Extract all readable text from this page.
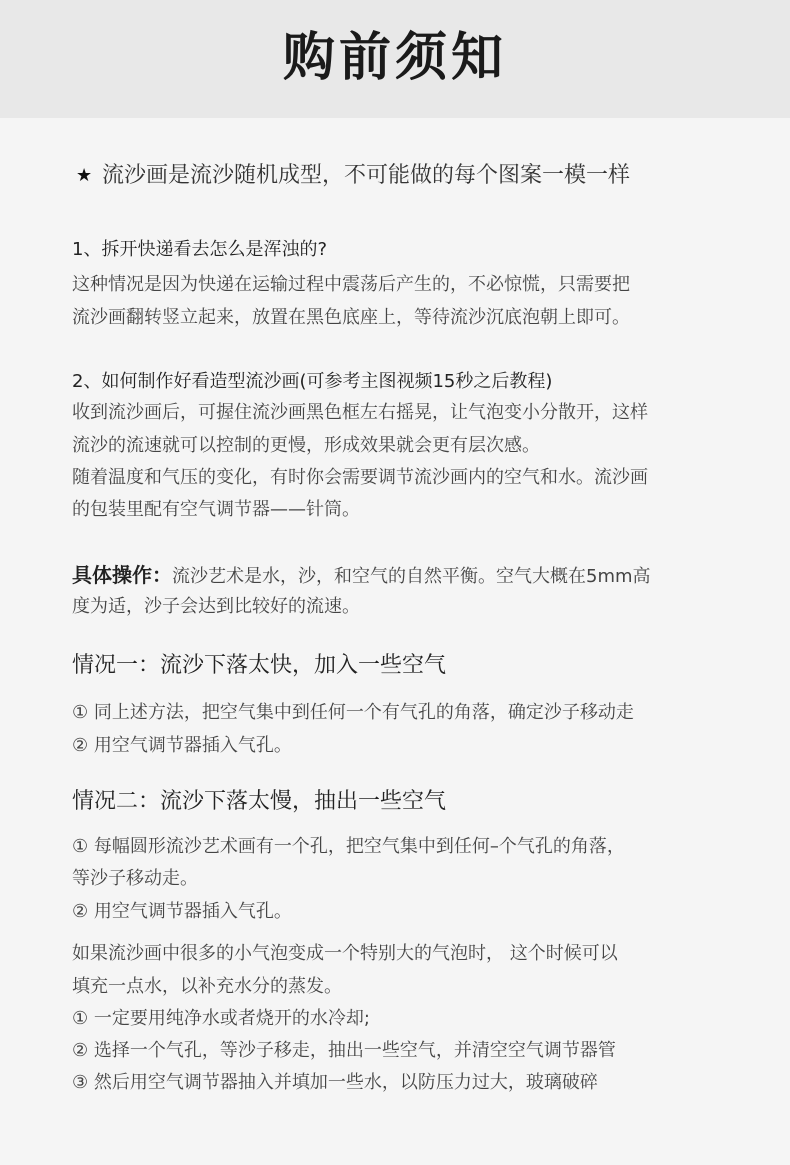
购前须知
★ 流沙画是流沙随机成型，不可能做的每个图案一模一样
1、拆开快递看去怎么是浑浊的?
这种情况是因为快递在运输过程中震荡后产生的，不必惊慌，只需要把
流沙画翻转竖立起来，放置在黑色底座上，等待流沙沉底泡朝上即可。
2、如何制作好看造型流沙画(可参考主图视频15秒之后教程)
收到流沙画后，可握住流沙画黑色框左右摇晃，让气泡变小分散开，这样
流沙的流速就可以控制的更慢，形成效果就会更有层次感。
随着温度和气压的变化，有时你会需要调节流沙画内的空气和水。流沙画
的包装里配有空气调节器——针筒。
具体操作：流沙艺术是水，沙，和空气的自然平衡。空气大概在5mm高
度为适，沙子会达到比较好的流速。
情况一：流沙下落太快，加入一些空气
① 同上述方法，把空气集中到任何一个有气孔的角落，确定沙子移动走
② 用空气调节器插入气孔。
情况二：流沙下落太慢，抽出一些空气
① 每幅圆形流沙艺术画有一个孔，把空气集中到任何–个气孔的角落，
等沙子移动走。
② 用空气调节器插入气孔。
如果流沙画中很多的小气泡变成一个特别大的气泡时， 这个时候可以
填充一点水，以补充水分的蒸发。
① 一定要用纯净水或者烧开的水冷却;
② 选择一个气孔，等沙子移走，抽出一些空气，并清空空气调节器管
③ 然后用空气调节器抽入并填加一些水，以防压力过大，玻璃破碎
